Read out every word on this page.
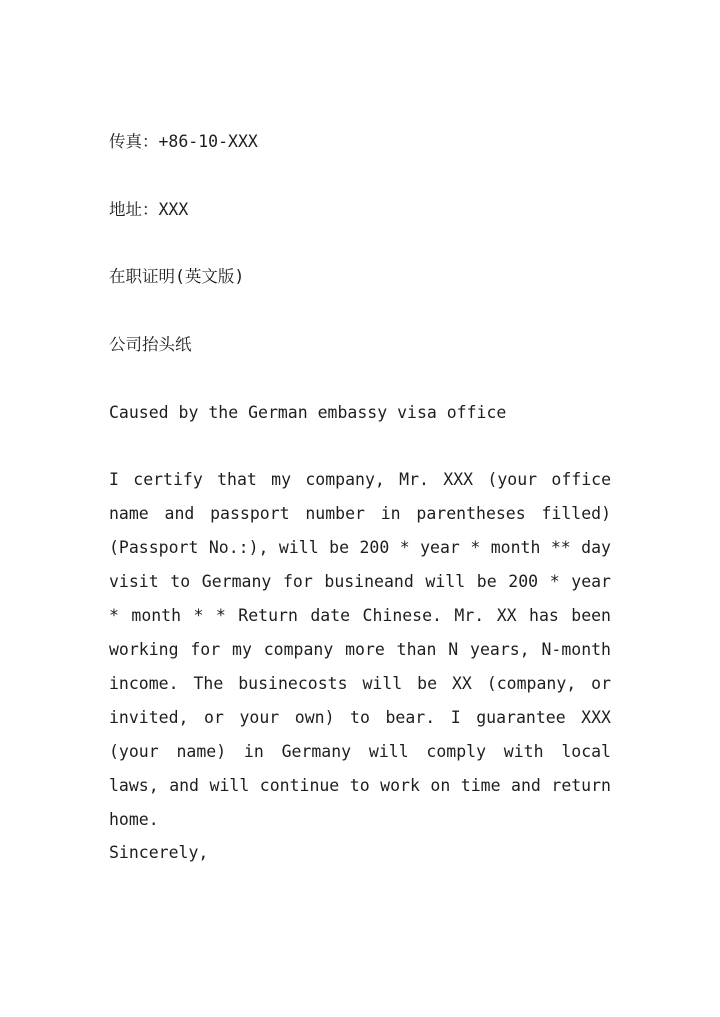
传真：+86-10-XXX

地址：XXX

在职证明(英文版)

公司抬头纸

Caused by the German embassy visa office

I certify that my company, Mr. XXX (your office name and passport number in parentheses filled) (Passport No.:), will be 200 * year * month ** day visit to Germany for busineand will be 200 * year * month * * Return date Chinese. Mr. XX has been working for my company more than N years, N-month income. The businecosts will be XX (company, or invited, or your own) to bear. I guarantee XXX (your name) in Germany will comply with local laws, and will continue to work on time and return home.

Sincerely,
